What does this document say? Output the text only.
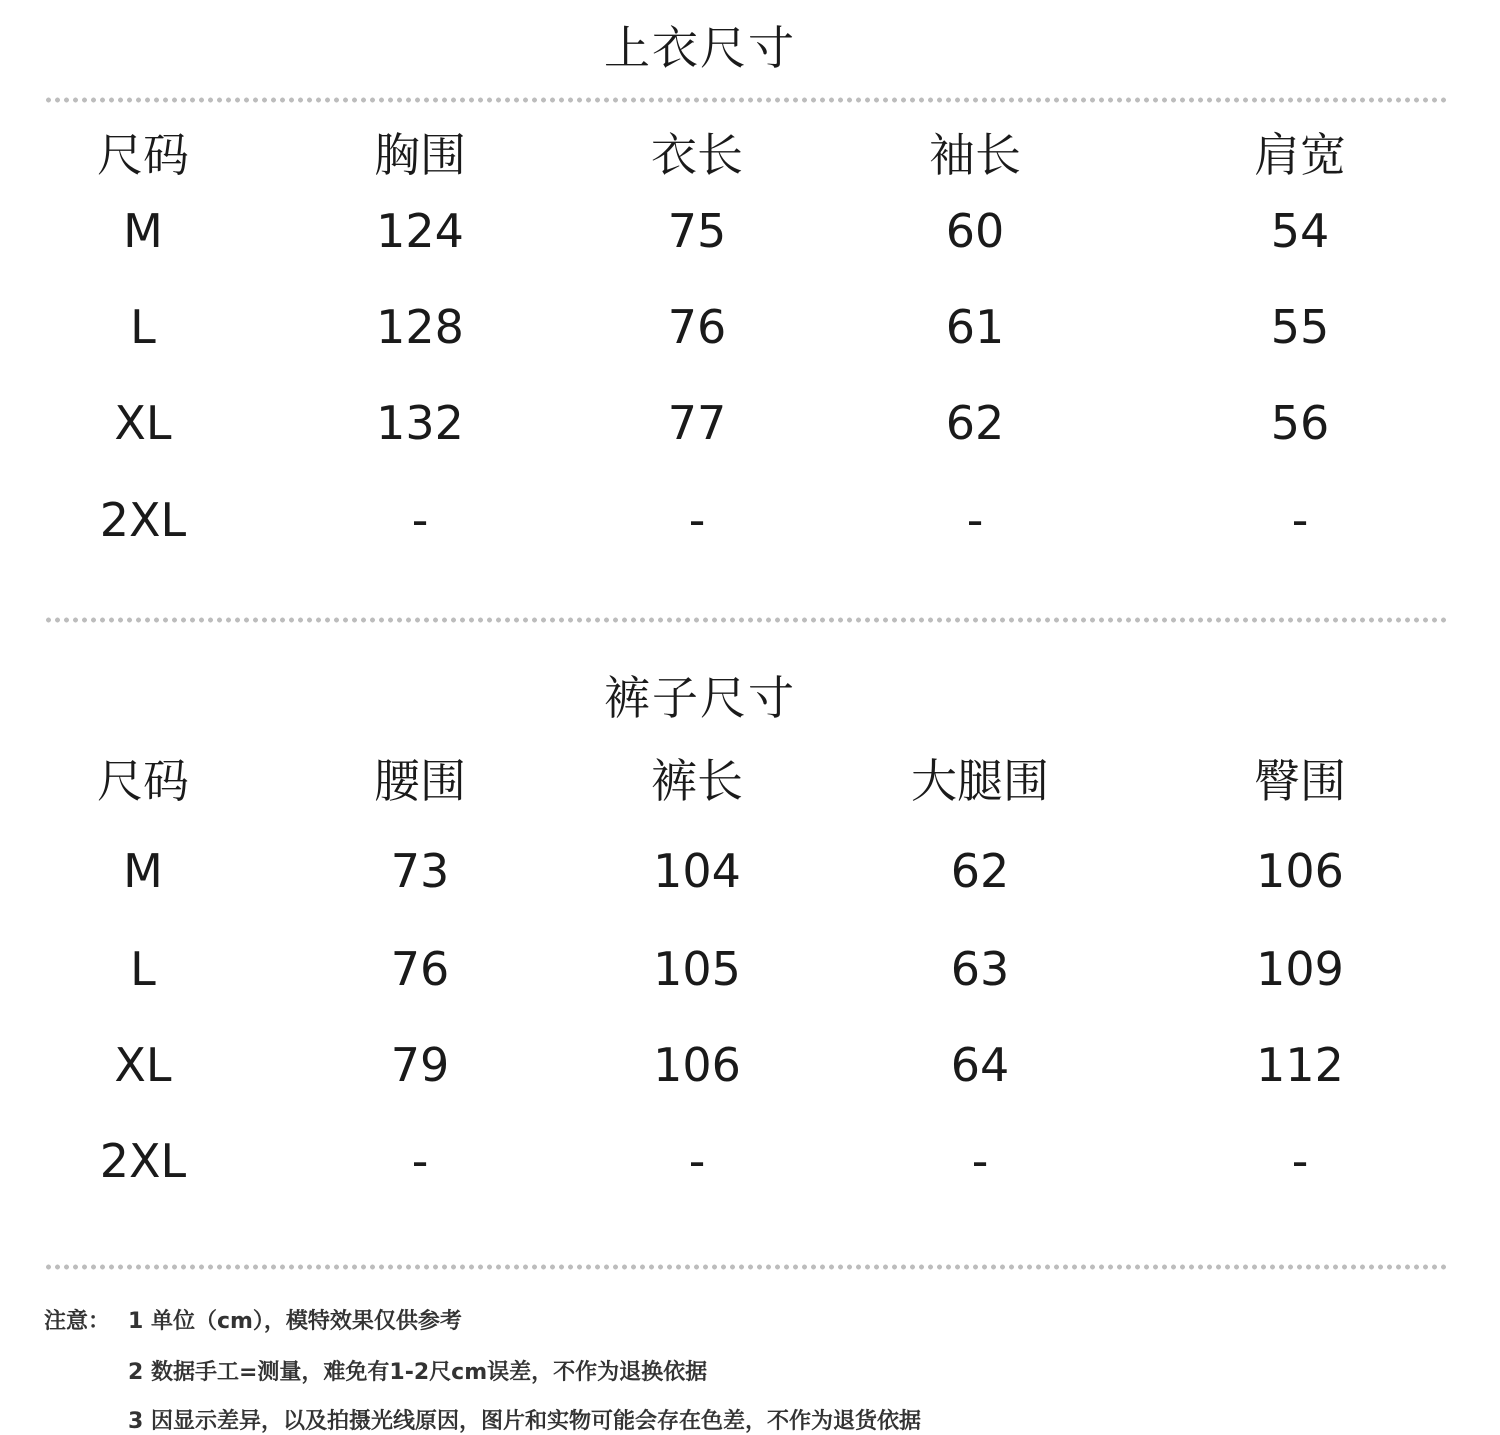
上衣尺寸
尺码	胸围	衣长	袖长	肩宽
M	124	75	60	54
L	128	76	61	55
XL	132	77	62	56
2XL	-	-	-	-
裤子尺寸
尺码	腰围	裤长	大腿围	臀围
M	73	104	62	106
L	76	105	63	109
XL	79	106	64	112
2XL	-	-	-	-
注意： 1 单位（cm），模特效果仅供参考
2 数据手工=测量，难免有1-2尺cm误差，不作为退换依据
3 因显示差异，以及拍摄光线原因，图片和实物可能会存在色差，不作为退货依据
